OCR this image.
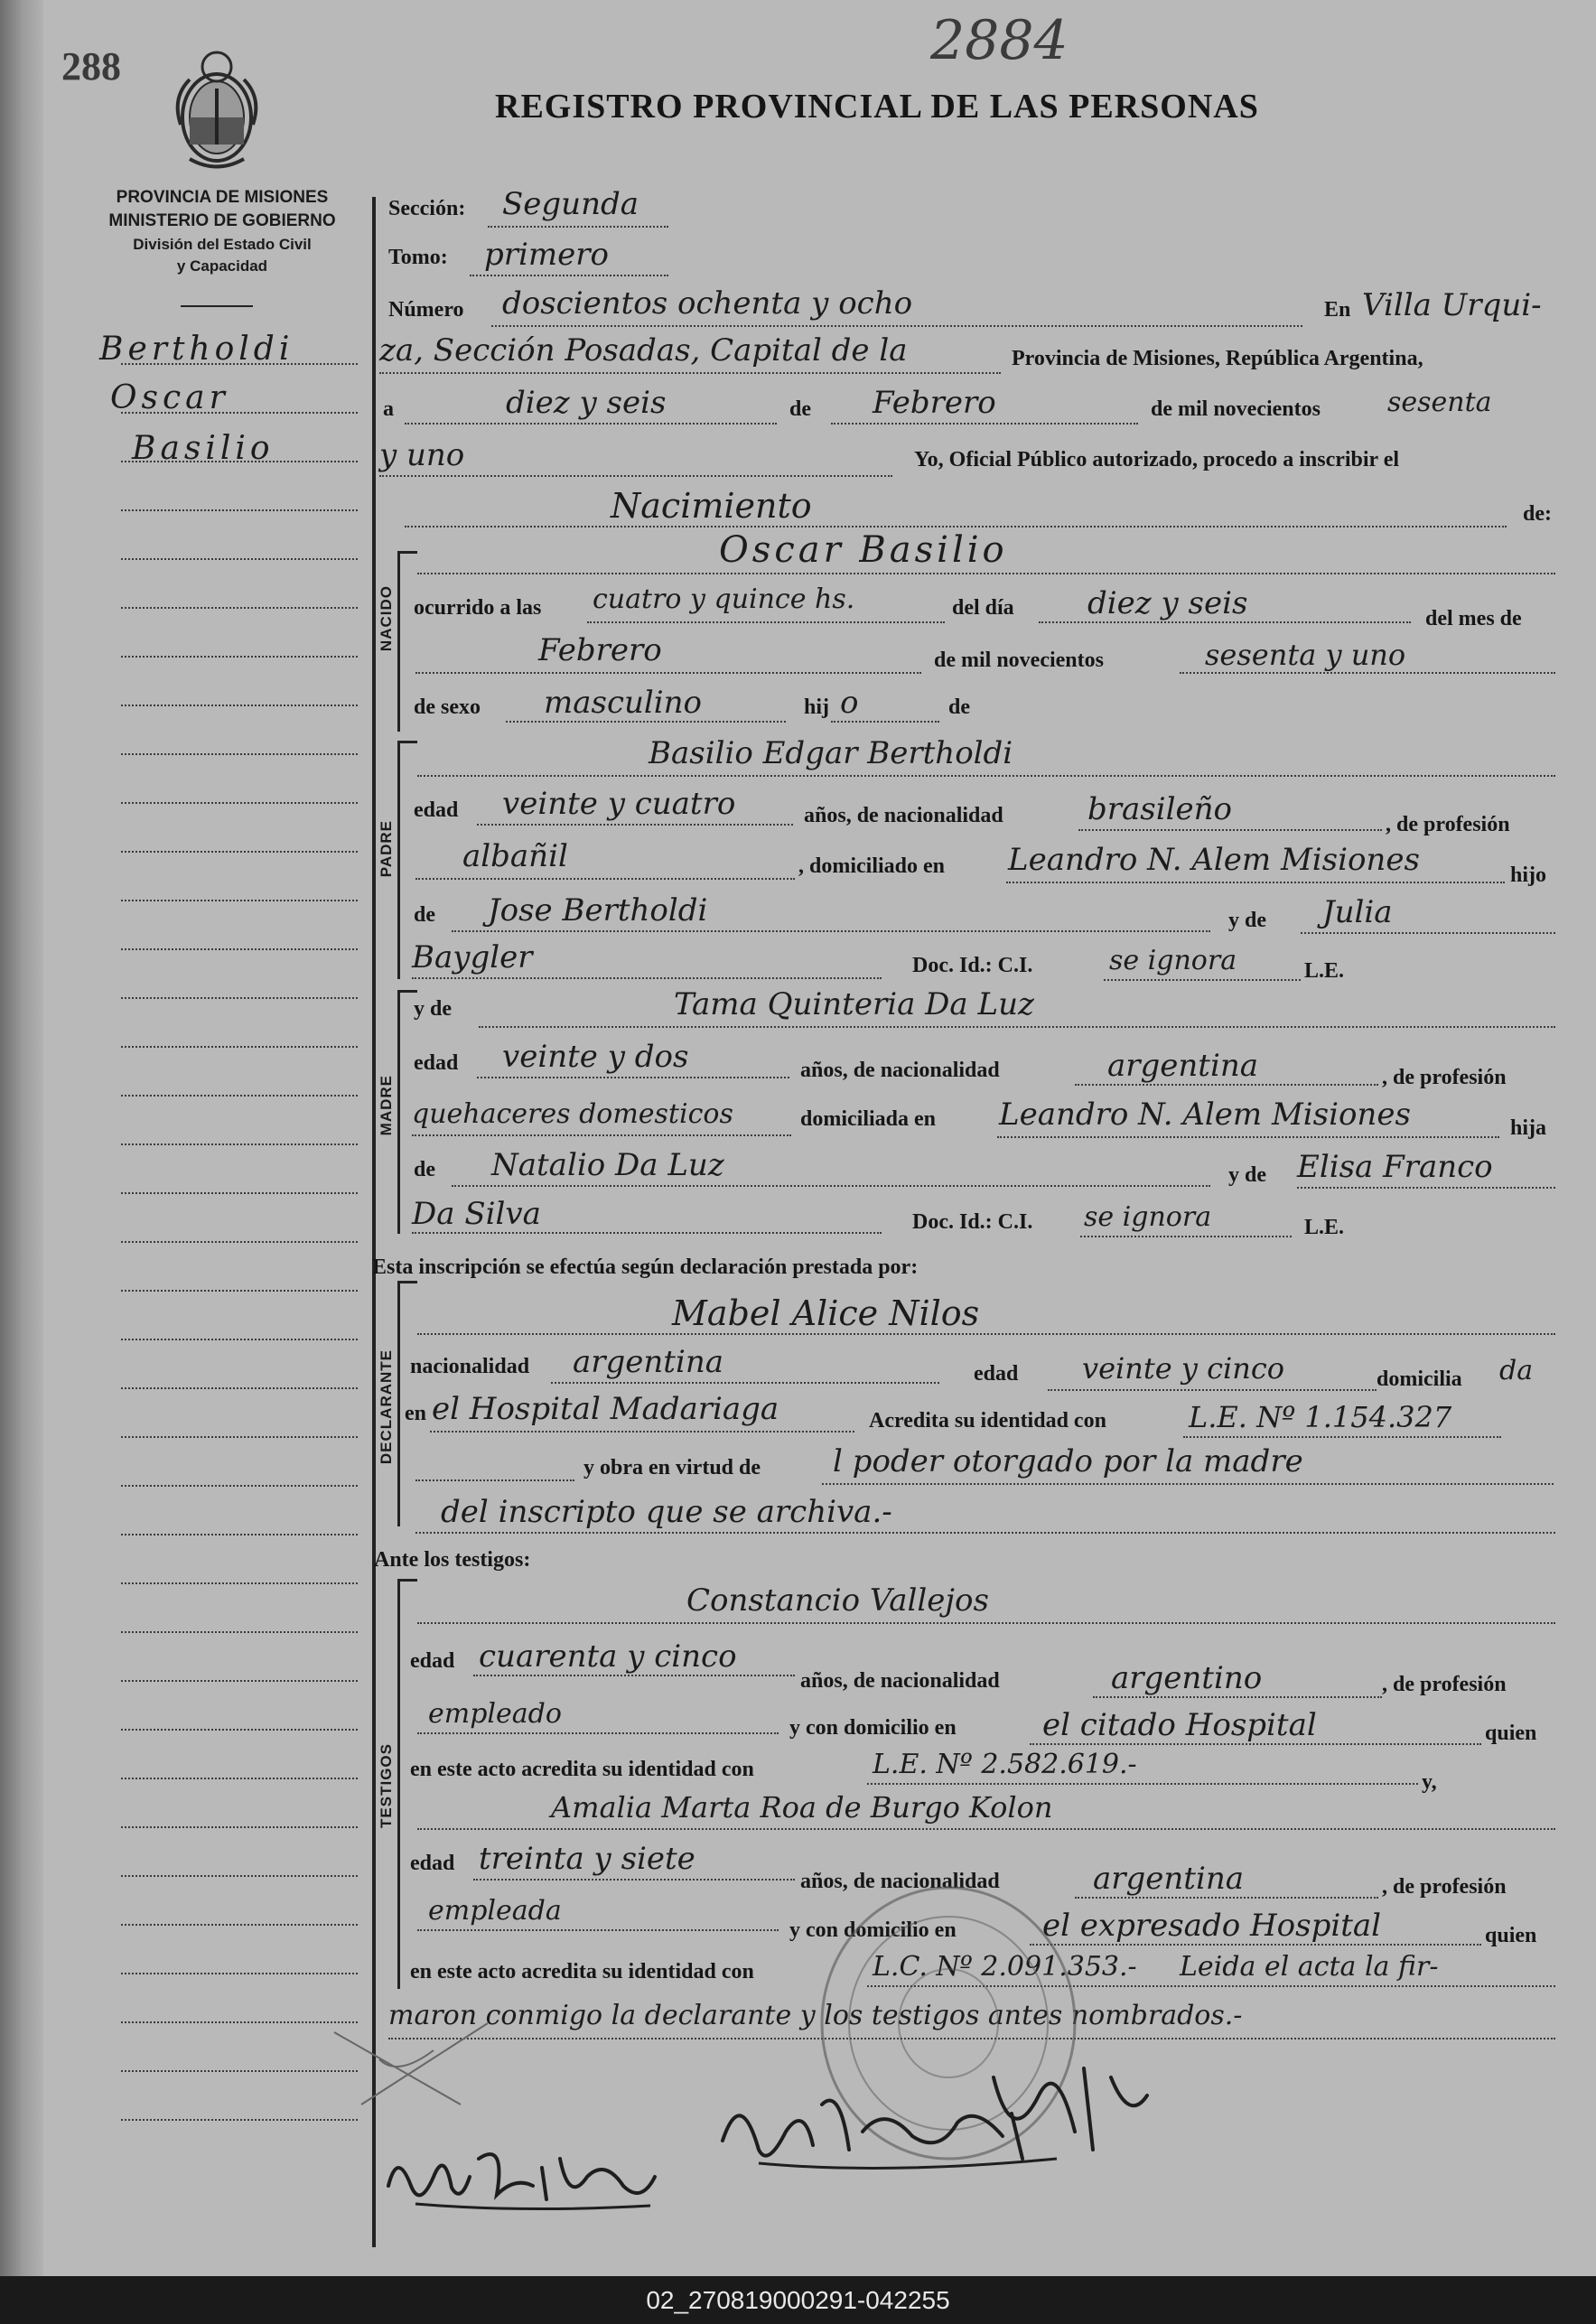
288	2884
REGISTRO PROVINCIAL DE LAS PERSONAS
PROVINCIA DE MISIONES
MINISTERIO DE GOBIERNO
División del Estado Civil
y Capacidad
Bertholdi
Oscar
Basilio
Sección: Segunda
Tomo: primero
Número doscientos ochenta y ocho	En Villa Urqui-
za, Sección Posadas, Capital de la	Provincia de Misiones, República Argentina,
a	diez y seis	de Febrero	de mil novecientos sesenta
y uno	Yo, Oficial Público autorizado, procedo a inscribir el
Nacimiento	de:
NACIDO
Oscar Basilio
ocurrido a las cuatro y quince hs.	del día diez y seis	del mes de
Febrero	de mil novecientos	sesenta y uno
de sexo masculino	hij o	de
PADRE
Basilio Edgar Bertholdi
edad veinte y cuatro	años, de nacionalidad	brasileño	, de profesión
albañil	, domiciliado en Leandro N. Alem Misiones	hijo
de Jose Bertholdi	y de Julia
Baygler	Doc. Id.: C.I.	se ignora	L.E.
MADRE
y de	Tama Quinteria Da Luz
edad veinte y dos	años, de nacionalidad	argentina	, de profesión
quehaceres domesticos	domiciliada en Leandro N. Alem Misiones	hija
de Natalio Da Luz	y de Elisa Franco
Da Silva	Doc. Id.: C.I. se ignora	L.E.
Esta inscripción se efectúa según declaración prestada por:
DECLARANTE
Mabel Alice Nilos
nacionalidad argentina	edad veinte y cinco	domicilia da
en el Hospital Madariaga	Acredita su identidad con	L.E. Nº 1.154.327
y obra en virtud de l poder otorgado por la madre
del inscripto que se archiva.-
Ante los testigos:
TESTIGOS
Constancio Vallejos
edad cuarenta y cinco
años, de nacionalidad	argentino	, de profesión
empleado	y con domicilio en	el citado Hospital	quien
en este acto acredita su identidad con	L.E. Nº 2.582.619.-
y,
Amalia Marta Roa de Burgo Kolon
edad treinta y siete
años, de nacionalidad	argentina	, de profesión
empleada
y con domicilio en	el expresado Hospital	quien
en este acto acredita su identidad con	L.C. Nº 2.091.353.- Leida el acta la fir-
maron conmigo la declarante y los testigos antes nombrados.-
02_270819000291-042255
